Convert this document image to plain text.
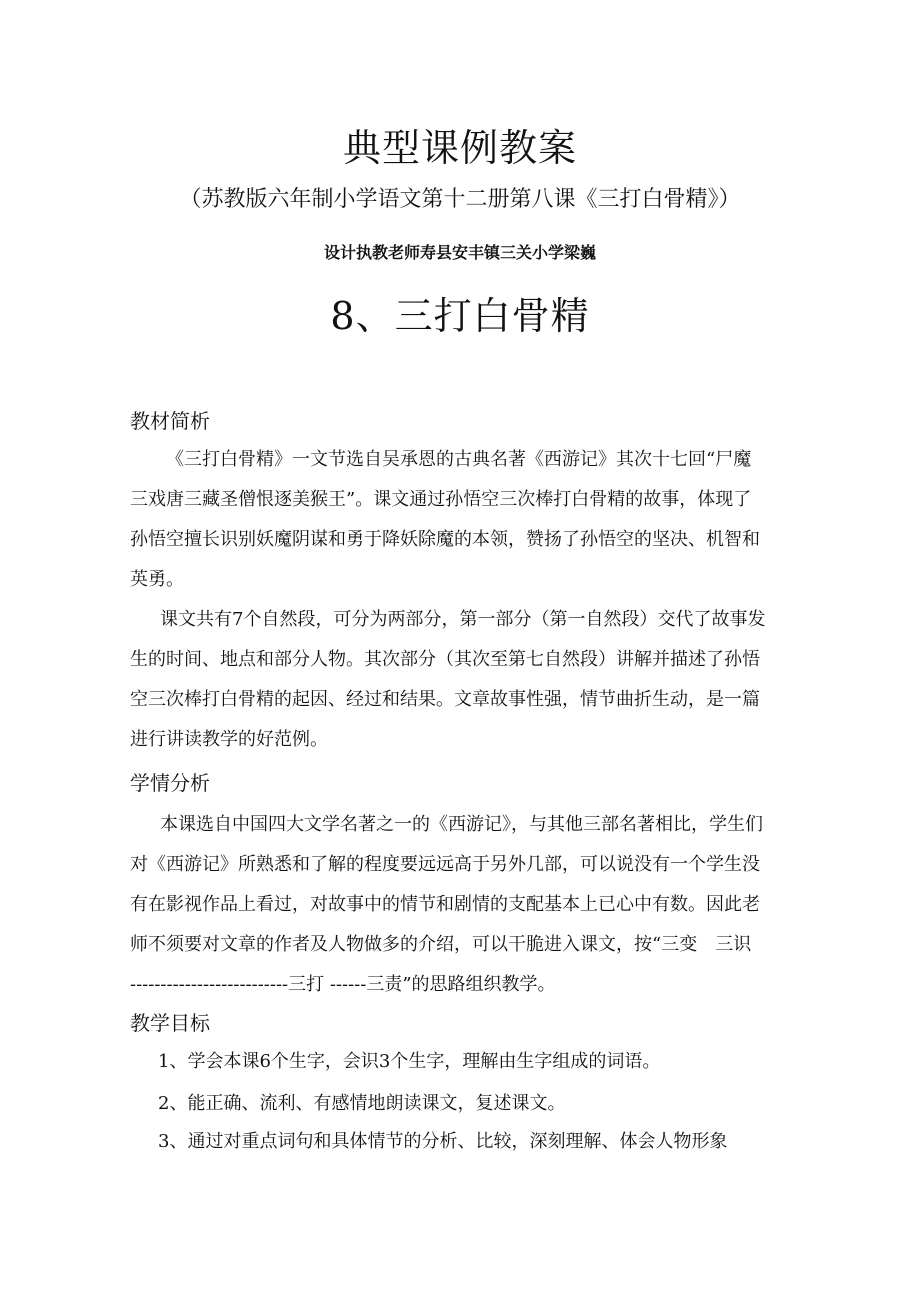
典型课例教案
（苏教版六年制小学语文第十二册第八课《三打白骨精》）
设计执教老师寿县安丰镇三关小学梁巍
8、三打白骨精
教材简析
《三打白骨精》一文节选自吴承恩的古典名著《西游记》其次十七回“尸魔
三戏唐三藏圣僧恨逐美猴王”。课文通过孙悟空三次棒打白骨精的故事，体现了
孙悟空擅长识别妖魔阴谋和勇于降妖除魔的本领，赞扬了孙悟空的坚决、机智和
英勇。
课文共有7个自然段，可分为两部分，第一部分（第一自然段）交代了故事发
生的时间、地点和部分人物。其次部分（其次至第七自然段）讲解并描述了孙悟
空三次棒打白骨精的起因、经过和结果。文章故事性强，情节曲折生动，是一篇
进行讲读教学的好范例。
学情分析
本课选自中国四大文学名著之一的《西游记》，与其他三部名著相比，学生们
对《西游记》所熟悉和了解的程度要远远高于另外几部，可以说没有一个学生没
有在影视作品上看过，对故事中的情节和剧情的支配基本上已心中有数。因此老
师不须要对文章的作者及人物做多的介绍，可以干脆进入课文，按“三变　三识
--------------------------三打 ------三责”的思路组织教学。
教学目标
1、学会本课6个生字，会识3个生字，理解由生字组成的词语。
2、能正确、流利、有感情地朗读课文，复述课文。
3、通过对重点词句和具体情节的分析、比较，深刻理解、体会人物形象
